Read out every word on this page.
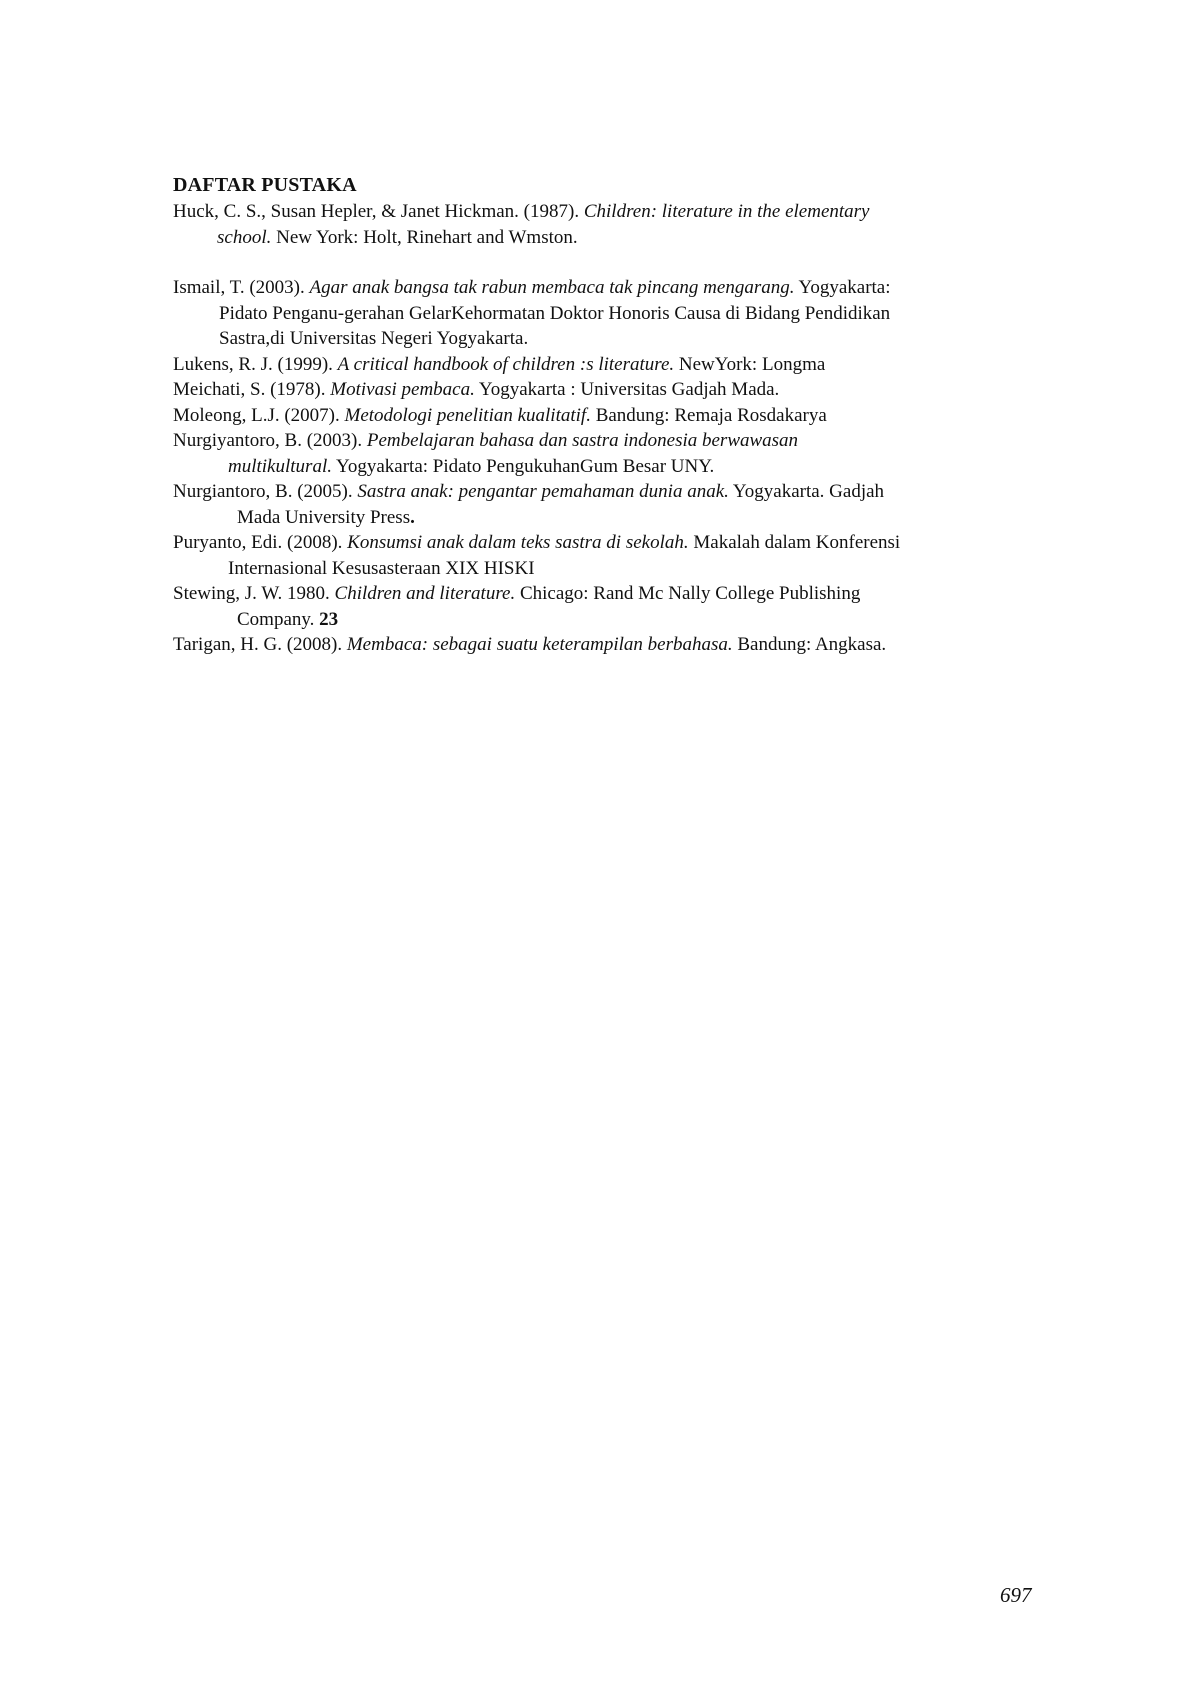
DAFTAR PUSTAKA
Huck, C. S., Susan Hepler, & Janet Hickman. (1987). Children: literature in the elementary
school. New York: Holt, Rinehart and Wmston.
Ismail, T. (2003). Agar anak bangsa tak rabun membaca tak pincang mengarang. Yogyakarta:
Pidato Penganu-gerahan GelarKehormatan Doktor Honoris Causa di Bidang Pendidikan
Sastra,di Universitas Negeri Yogyakarta.
Lukens, R. J. (1999). A critical handbook of children :s literature. NewYork: Longma
Meichati, S. (1978). Motivasi pembaca. Yogyakarta : Universitas Gadjah Mada.
Moleong, L.J. (2007). Metodologi penelitian kualitatif. Bandung: Remaja Rosdakarya
Nurgiyantoro, B. (2003). Pembelajaran bahasa dan sastra indonesia berwawasan
multikultural. Yogyakarta: Pidato PengukuhanGum Besar UNY.
Nurgiantoro, B. (2005). Sastra anak: pengantar pemahaman dunia anak. Yogyakarta. Gadjah
Mada University Press.
Puryanto, Edi. (2008). Konsumsi anak dalam teks sastra di sekolah. Makalah dalam Konferensi
Internasional Kesusasteraan XIX HISKI
Stewing, J. W. 1980. Children and literature. Chicago: Rand Mc Nally College Publishing
Company. 23
Tarigan, H. G. (2008). Membaca: sebagai suatu keterampilan berbahasa. Bandung: Angkasa.
697
